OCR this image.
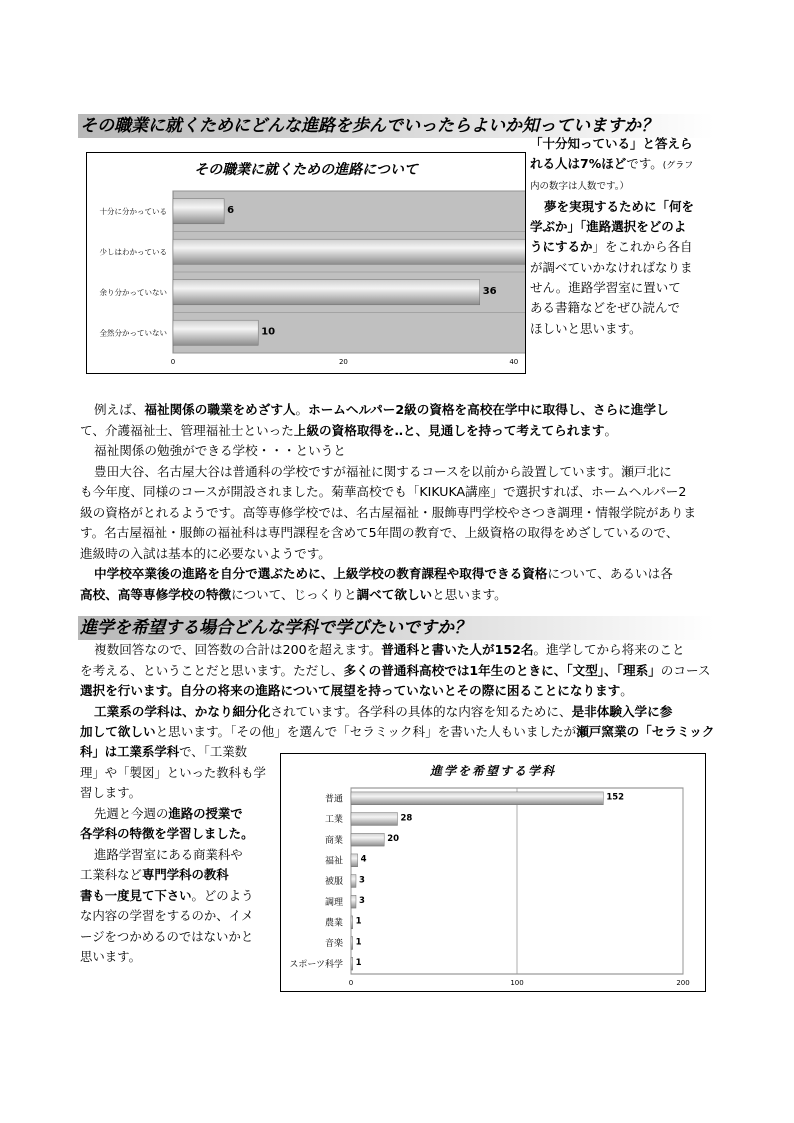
その職業に就くためにどんな進路を歩んでいったらよいか知っていますか？
その職業に就くための進路について
十分に分かっている	6
少しはわかっている
余り分かっていない	36
全然分かっていない	10
0	20	40
「十分知っている」と答えら
れる人は7%ほどです。(グラフ
内の数字は人数です。）
夢を実現するために「何を
学ぶか」「進路選択をどのよ
うにするか」をこれから各自
が調べていかなければなりま
せん。進路学習室に置いて
ある書籍などをぜひ読んで
ほしいと思います。
例えば、福祉関係の職業をめざす人。ホームヘルパー2級の資格を高校在学中に取得し、さらに進学し
て、介護福祉士、管理福祉士といった上級の資格取得を‥と、見通しを持って考えてられます。
福祉関係の勉強ができる学校・・・というと
豊田大谷、名古屋大谷は普通科の学校ですが福祉に関するコースを以前から設置しています。瀬戸北に
も今年度、同様のコースが開設されました。菊華高校でも「KIKUKA講座」で選択すれば、ホームヘルパー2
級の資格がとれるようです。高等専修学校では、名古屋福祉・服飾専門学校やさつき調理・情報学院がありま
す。名古屋福祉・服飾の福祉科は専門課程を含めて5年間の教育で、上級資格の取得をめざしているので、
進級時の入試は基本的に必要ないようです。
中学校卒業後の進路を自分で選ぶために、上級学校の教育課程や取得できる資格について、あるいは各
高校、高等専修学校の特徴について、じっくりと調べて欲しいと思います。
進学を希望する場合どんな学科で学びたいですか？
複数回答なので、回答数の合計は200を超えます。普通科と書いた人が152名。進学してから将来のこと
を考える、ということだと思います。ただし、多くの普通科高校では1年生のときに、「文型」、「理系」のコース
選択を行います。自分の将来の進路について展望を持っていないとその際に困ることになります。
工業系の学科は、かなり細分化されています。各学科の具体的な内容を知るために、是非体験入学に参
加して欲しいと思います。「その他」を選んで「セラミック科」を書いた人もいましたが瀬戸窯業の「セラミック
科」は工業系学科で、「工業数
理」や「製図」といった教科も学
習します。
先週と今週の進路の授業で
各学科の特徴を学習しました。
進路学習室にある商業科や
工業科など専門学科の教科
書も一度見て下さい。どのよう
な内容の学習をするのか、イメ
ージをつかめるのではないかと
思います。
進学を希望する学科
普通	152
工業	28
商業	20
福祉 4
被服 3
調理 3
農業 1
音楽 1
スポーツ科学 1
0	100	200
